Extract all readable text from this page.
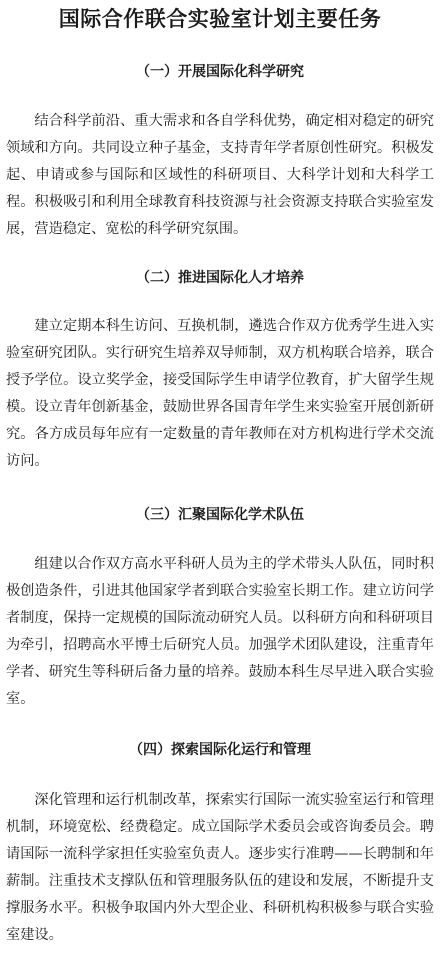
国际合作联合实验室计划主要任务
（一）开展国际化科学研究

结合科学前沿、重大需求和各自学科优势，确定相对稳定的研究领域和方向。共同设立种子基金，支持青年学者原创性研究。积极发起、申请或参与国际和区域性的科研项目、大科学计划和大科学工程。积极吸引和利用全球教育科技资源与社会资源支持联合实验室发展，营造稳定、宽松的科学研究氛围。

（二）推进国际化人才培养

建立定期本科生访问、互换机制，遴选合作双方优秀学生进入实验室研究团队。实行研究生培养双导师制，双方机构联合培养，联合授予学位。设立奖学金，接受国际学生申请学位教育，扩大留学生规模。设立青年创新基金，鼓励世界各国青年学生来实验室开展创新研究。各方成员每年应有一定数量的青年教师在对方机构进行学术交流访问。

（三）汇聚国际化学术队伍

组建以合作双方高水平科研人员为主的学术带头人队伍，同时积极创造条件，引进其他国家学者到联合实验室长期工作。建立访问学者制度，保持一定规模的国际流动研究人员。以科研方向和科研项目为牵引，招聘高水平博士后研究人员。加强学术团队建设，注重青年学者、研究生等科研后备力量的培养。鼓励本科生尽早进入联合实验室。

（四）探索国际化运行和管理

深化管理和运行机制改革，探索实行国际一流实验室运行和管理机制，环境宽松、经费稳定。成立国际学术委员会或咨询委员会。聘请国际一流科学家担任实验室负责人。逐步实行准聘——长聘制和年薪制。注重技术支撑队伍和管理服务队伍的建设和发展，不断提升支撑服务水平。积极争取国内外大型企业、科研机构积极参与联合实验室建设。
